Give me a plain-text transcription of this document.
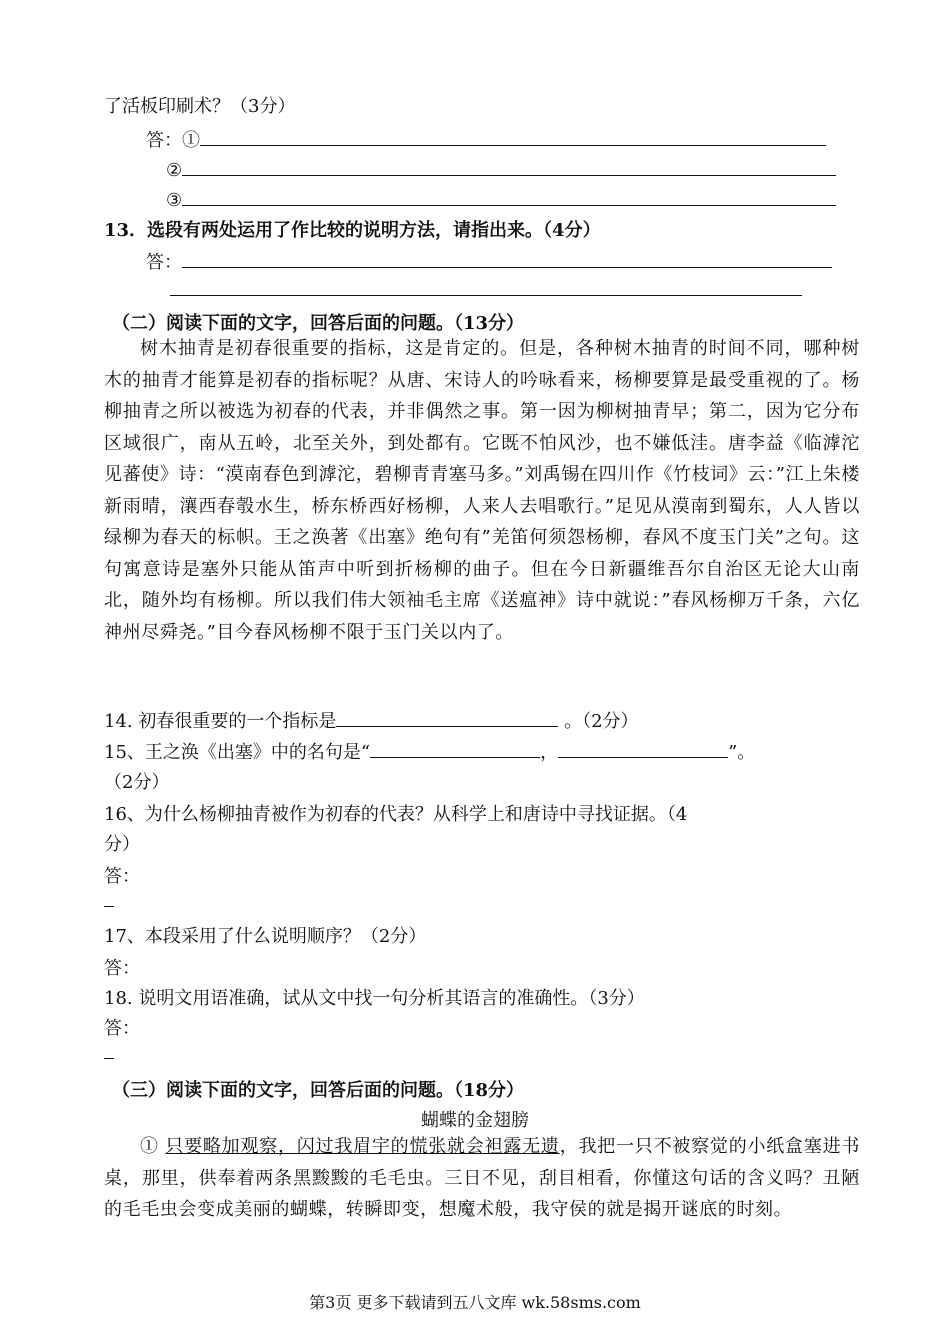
了活板印刷术？（3分）
答：①
②
③
13．选段有两处运用了作比较的说明方法，请指出来。（4分）
答：
（二）阅读下面的文字，回答后面的问题。（13分）

树木抽青是初春很重要的指标，这是肯定的。但是，各种树木抽青的时间不同，哪种树木的抽青才能算是初春的指标呢？从唐、宋诗人的吟咏看来，杨柳要算是最受重视的了。杨柳抽青之所以被选为初春的代表，并非偶然之事。第一因为柳树抽青早；第二，因为它分布区域很广，南从五岭，北至关外，到处都有。它既不怕风沙，也不嫌低洼。唐李益《临滹沱见蕃使》诗：“漠南春色到滹沱，碧柳青青塞马多。”刘禹锡在四川作《竹枝词》云：”江上朱楼新雨晴，瀼西春彀水生，桥东桥西好杨柳，人来人去唱歌行。”足见从漠南到蜀东，人人皆以绿柳为春天的标帜。王之涣著《出塞》绝句有”羌笛何须怨杨柳，春风不度玉门关”之句。这句寓意诗是塞外只能从笛声中听到折杨柳的曲子。但在今日新疆维吾尔自治区无论大山南北，随外均有杨柳。所以我们伟大领袖毛主席《送瘟神》诗中就说：”春风杨柳万千条，六亿神州尽舜尧。”目今春风杨柳不限于玉门关以内了。

14. 初春很重要的一个指标是	。（2分）
15、王之涣《出塞》中的名句是“	，	”。
（2分）
16、为什么杨柳抽青被作为初春的代表？从科学上和唐诗中寻找证据。（4
分）
答：
17、本段采用了什么说明顺序？（2分）
答：
18. 说明文用语准确，试从文中找一句分析其语言的准确性。（3分）
答：
（三）阅读下面的文字，回答后面的问题。（18分）
蝴蝶的金翅膀

① 只要略加观察，闪过我眉宇的慌张就会袒露无遗，我把一只不被察觉的小纸盒塞进书桌，那里，供奉着两条黑黢黢的毛毛虫。三日不见，刮目相看，你懂这句话的含义吗？丑陋的毛毛虫会变成美丽的蝴蝶，转瞬即变，想魔术般，我守侯的就是揭开谜底的时刻。

第3页 更多下载请到五八文库 wk.58sms.com
